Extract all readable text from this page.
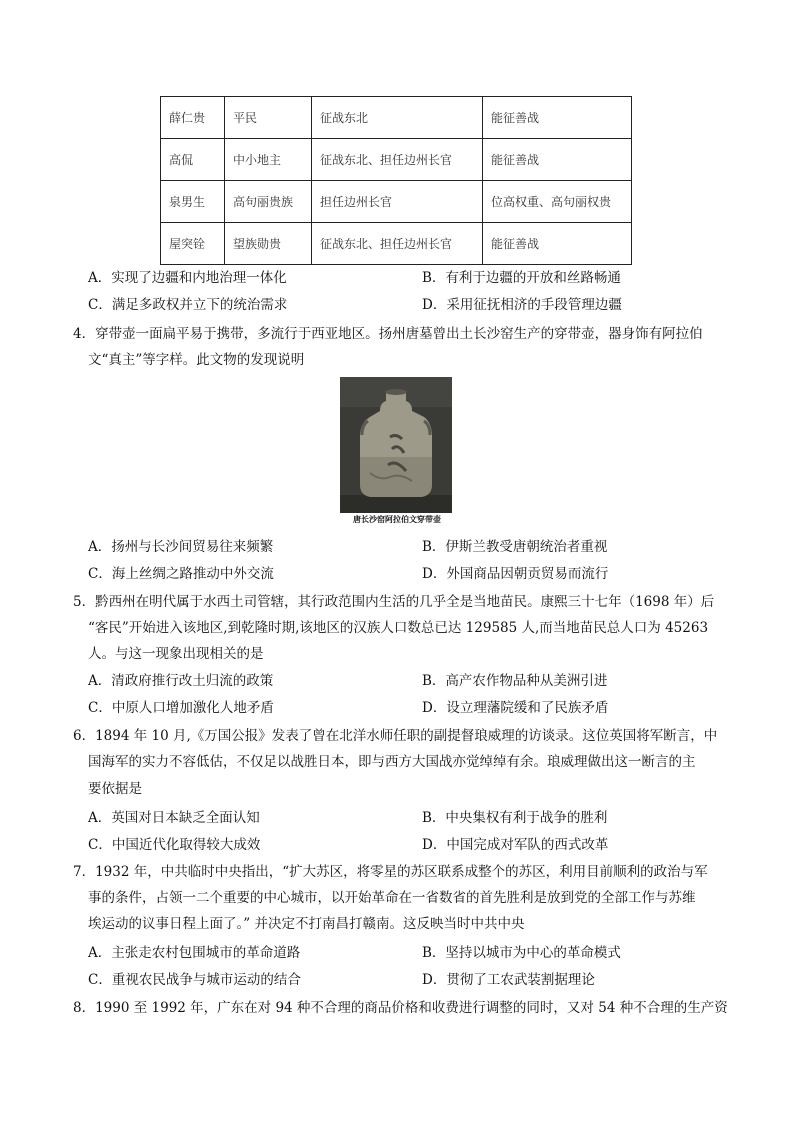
薛仁贵	平民	征战东北	能征善战
高侃	中小地主	征战东北、担任边州长官	能征善战
泉男生	高句丽贵族	担任边州长官	位高权重、高句丽权贵
屋突铨	望族勋贵	征战东北、担任边州长官	能征善战
A．实现了边疆和内地治理一体化	B．有利于边疆的开放和丝路畅通
C．满足多政权并立下的统治需求	D．采用征抚相济的手段管理边疆
4．穿带壶一面扁平易于携带，多流行于西亚地区。扬州唐墓曾出土长沙窑生产的穿带壶，器身饰有阿拉伯
文“真主”等字样。此文物的发现说明
唐长沙窑阿拉伯文穿带壶
A．扬州与长沙间贸易往来频繁	B．伊斯兰教受唐朝统治者重视
C．海上丝绸之路推动中外交流	D．外国商品因朝贡贸易而流行
5．黔西州在明代属于水西土司管辖，其行政范围内生活的几乎全是当地苗民。康熙三十七年（1698 年）后
“客民”开始进入该地区,到乾隆时期,该地区的汉族人口数总已达 129585 人,而当地苗民总人口为 45263
人。与这一现象出现相关的是
A．清政府推行改土归流的政策	B．高产农作物品种从美洲引进
C．中原人口增加激化人地矛盾	D．设立理藩院缓和了民族矛盾
6．1894 年 10 月,《万国公报》发表了曾在北洋水师任职的副提督琅威理的访谈录。这位英国将军断言，中
国海军的实力不容低估，不仅足以战胜日本，即与西方大国战亦觉绰绰有余。琅威理做出这一断言的主
要依据是
A．英国对日本缺乏全面认知	B．中央集权有利于战争的胜利
C．中国近代化取得较大成效	D．中国完成对军队的西式改革
7．1932 年，中共临时中央指出，“扩大苏区，将零星的苏区联系成整个的苏区，利用目前顺利的政治与军
事的条件，占领一二个重要的中心城市，以开始革命在一省数省的首先胜利是放到党的全部工作与苏维
埃运动的议事日程上面了。” 并决定不打南昌打赣南。这反映当时中共中央
A．主张走农村包围城市的革命道路	B．坚持以城市为中心的革命模式
C．重视农民战争与城市运动的结合	D．贯彻了工农武装割据理论
8．1990 至 1992 年，广东在对 94 种不合理的商品价格和收费进行调整的同时，又对 54 种不合理的生产资
